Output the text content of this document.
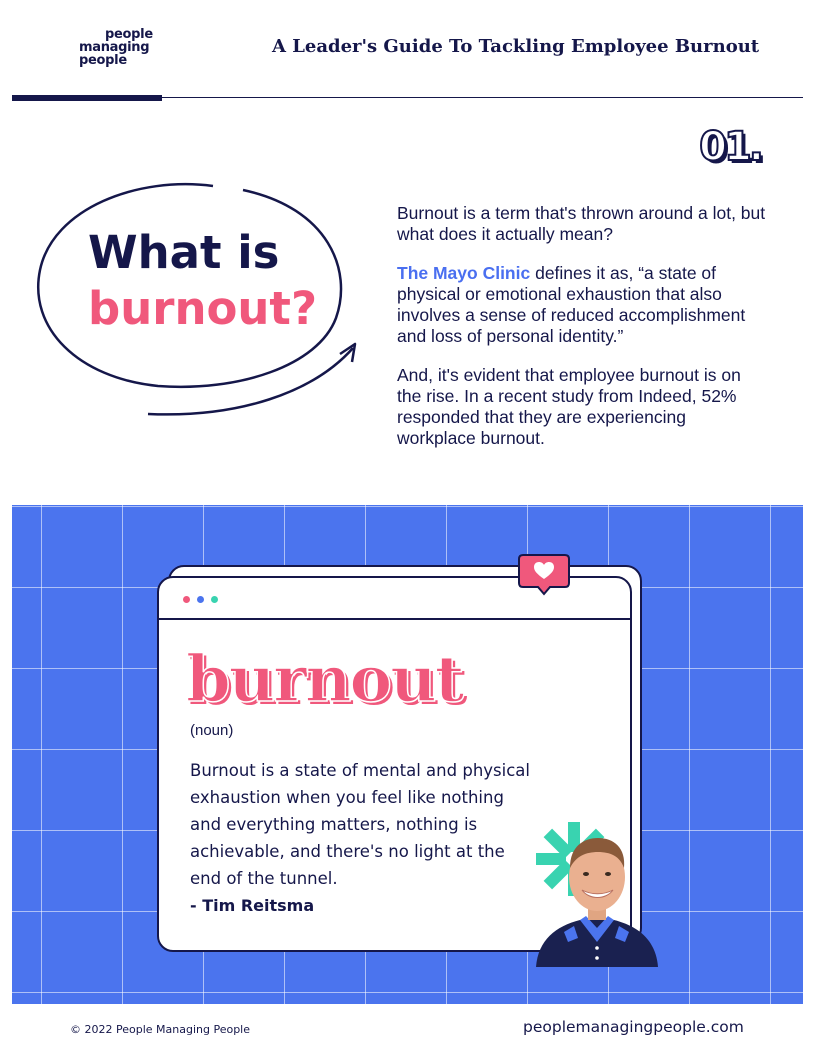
people
managing
people
A Leader's Guide To Tackling Employee Burnout
01.
What is
burnout?

Burnout is a term that's thrown around a lot, but what does it actually mean?

The Mayo Clinic defines it as, “a state of physical or emotional exhaustion that also involves a sense of reduced accomplishment and loss of personal identity.”

And, it's evident that employee burnout is on the rise. In a recent study from Indeed, 52% responded that they are experiencing workplace burnout.

burnout
(noun)
Burnout is a state of mental and physical exhaustion when you feel like nothing and everything matters, nothing is achievable, and there's no light at the end of the tunnel.
- Tim Reitsma
© 2022 People Managing People	peoplemanagingpeople.com
